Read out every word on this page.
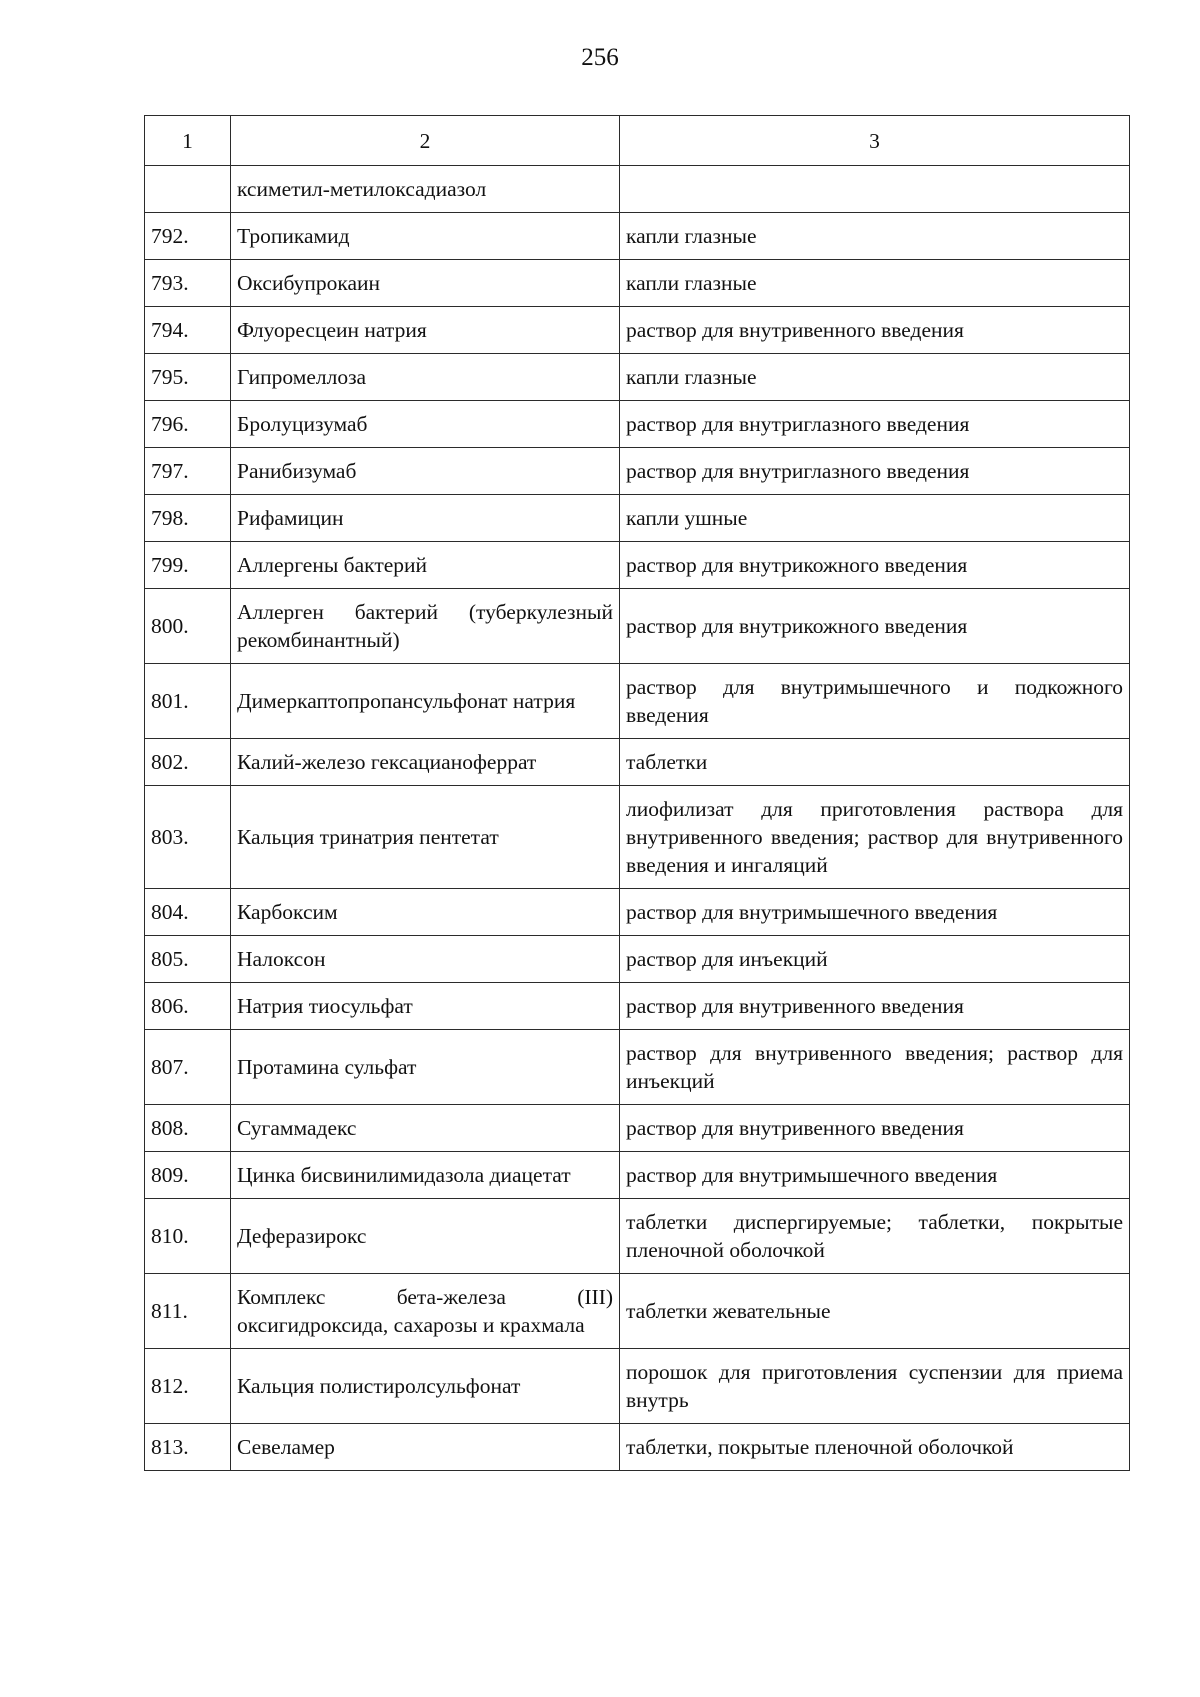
256
1	2	3
	ксиметил-метилоксадиазол	
792.	Тропикамид	капли глазные
793.	Оксибупрокаин	капли глазные
794.	Флуоресцеин натрия	раствор для внутривенного введения
795.	Гипромеллоза	капли глазные
796.	Бролуцизумаб	раствор для внутриглазного введения
797.	Ранибизумаб	раствор для внутриглазного введения
798.	Рифамицин	капли ушные
799.	Аллергены бактерий	раствор для внутрикожного введения
800.	Аллерген бактерий (туберкулезный рекомбинантный)	раствор для внутрикожного введения
801.	Димеркаптопропансульфонат натрия	раствор для внутримышечного и подкожного введения
802.	Калий-железо гексацианоферрат	таблетки
803.	Кальция тринатрия пентетат	лиофилизат для приготовления раствора для внутривенного введения; раствор для внутривенного введения и ингаляций
804.	Карбоксим	раствор для внутримышечного введения
805.	Налоксон	раствор для инъекций
806.	Натрия тиосульфат	раствор для внутривенного введения
807.	Протамина сульфат	раствор для внутривенного введения; раствор для инъекций
808.	Сугаммадекс	раствор для внутривенного введения
809.	Цинка бисвинилимидазола диацетат	раствор для внутримышечного введения
810.	Деферазирокс	таблетки диспергируемые; таблетки, покрытые пленочной оболочкой
811.	Комплекс бета-железа (III) оксигидроксида, сахарозы и крахмала	таблетки жевательные
812.	Кальция полистиролсульфонат	порошок для приготовления суспензии для приема внутрь
813.	Севеламер	таблетки, покрытые пленочной оболочкой
